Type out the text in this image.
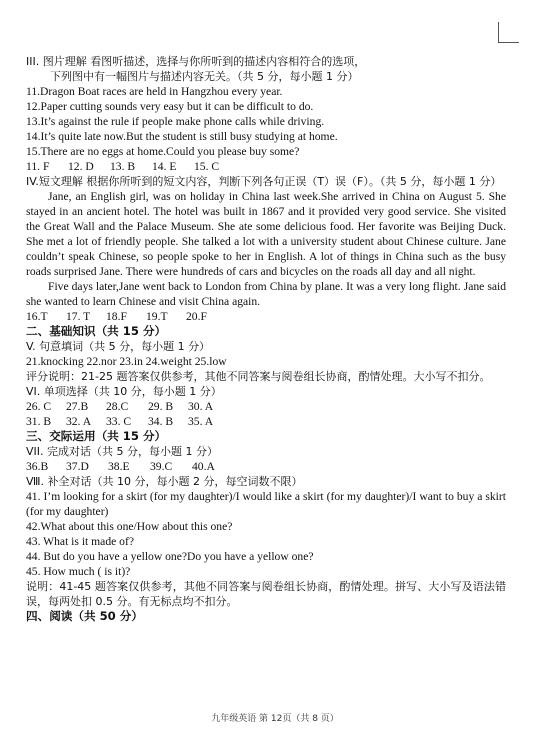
III. 图片理解 看图听描述，选择与你所听到的描述内容相符合的选项，
下列图中有一幅图片与描述内容无关。（共 5 分，每小题 1 分）
11.Dragon Boat races are held in Hangzhou every year.
12.Paper cutting sounds very easy but it can be difficult to do.
13.It’s against the rule if people make phone calls while driving.
14.It’s quite late now.But the student is still busy studying at home.
15.There are no eggs at home.Could you please buy some?
11. F 12. D 13. B 14. E 15. C
IV.短文理解 根据你所听到的短文内容，判断下列各句正误（T）误（F）。（共 5 分，每小题 1 分）
Jane, an English girl, was on holiday in China last week.She arrived in China on August 5. She stayed in an ancient hotel. The hotel was built in 1867 and it provided very good service. She visited the Great Wall and the Palace Museum. She ate some delicious food. Her favorite was Beijing Duck. She met a lot of friendly people. She talked a lot with a university student about Chinese culture. Jane couldn’t speak Chinese, so people spoke to her in English. A lot of things in China such as the busy roads surprised Jane. There were hundreds of cars and bicycles on the roads all day and all night.
Five days later,Jane went back to London from China by plane. It was a very long flight. Jane said she wanted to learn Chinese and visit China again.
16.T 17. T 18.F 19.T 20.F
二、基础知识（共 15 分）
V. 句意填词（共 5 分，每小题 1 分）
21.knocking 22.nor 23.in 24.weight 25.low
评分说明：21-25 题答案仅供参考，其他不同答案与阅卷组长协商，酌情处理。大小写不扣分。
VI. 单项选择（共 10 分，每小题 1 分）
26. C 27.B 28.C 29. B 30. A
31. B 32. A 33. C 34. B 35. A
三、交际运用（共 15 分）
VII. 完成对话（共 5 分，每小题 1 分）
36.B 37.D 38.E 39.C 40.A
Ⅷ. 补全对话（共 10 分，每小题 2 分，每空词数不限）
41. I’m looking for a skirt (for my daughter)/I would like a skirt (for my daughter)/I want to buy a skirt (for my daughter)
42.What about this one/How about this one?
43. What is it made of?
44. But do you have a yellow one?Do you have a yellow one?
45. How much ( is it)?
说明：41-45 题答案仅供参考，其他不同答案与阅卷组长协商，酌情处理。拼写、大小写及语法错误，每两处扣 0.5 分。有无标点均不扣分。
四、阅读（共 50 分）
九年级英语 第 12页（共 8 页）
